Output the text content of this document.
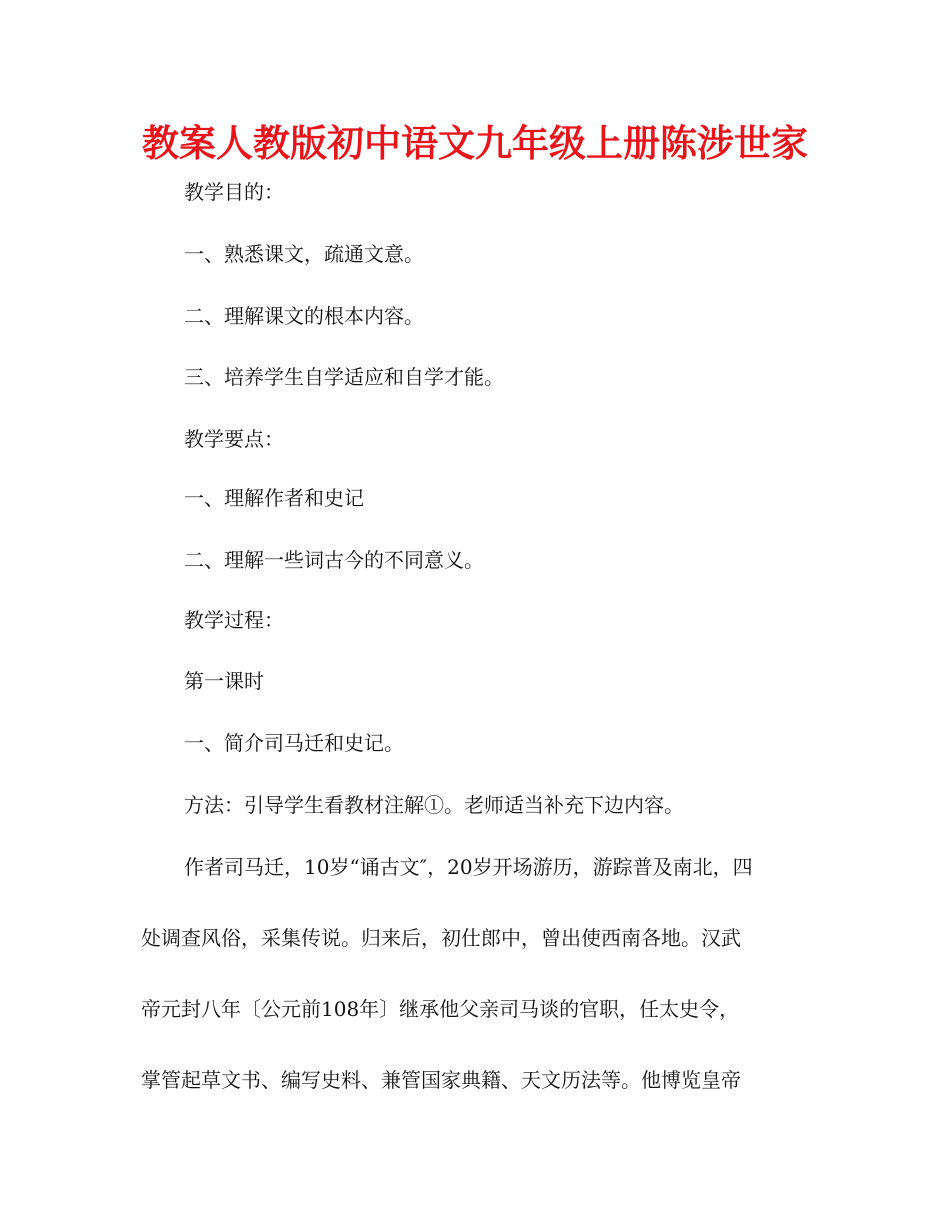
教案人教版初中语文九年级上册陈涉世家

教学目的：

一、熟悉课文，疏通文意。

二、理解课文的根本内容。

三、培养学生自学适应和自学才能。

教学要点：

一、理解作者和史记

二、理解一些词古今的不同意义。

教学过程：

第一课时

一、简介司马迁和史记。

方法：引导学生看教材注解①。老师适当补充下边内容。

作者司马迁，10岁“诵古文″，20岁开场游历，游踪普及南北，四

处调查风俗，采集传说。归来后，初仕郎中，曾出使西南各地。汉武

帝元封八年〔公元前108年〕继承他父亲司马谈的官职，任太史令，

掌管起草文书、编写史料、兼管国家典籍、天文历法等。他博览皇帝
